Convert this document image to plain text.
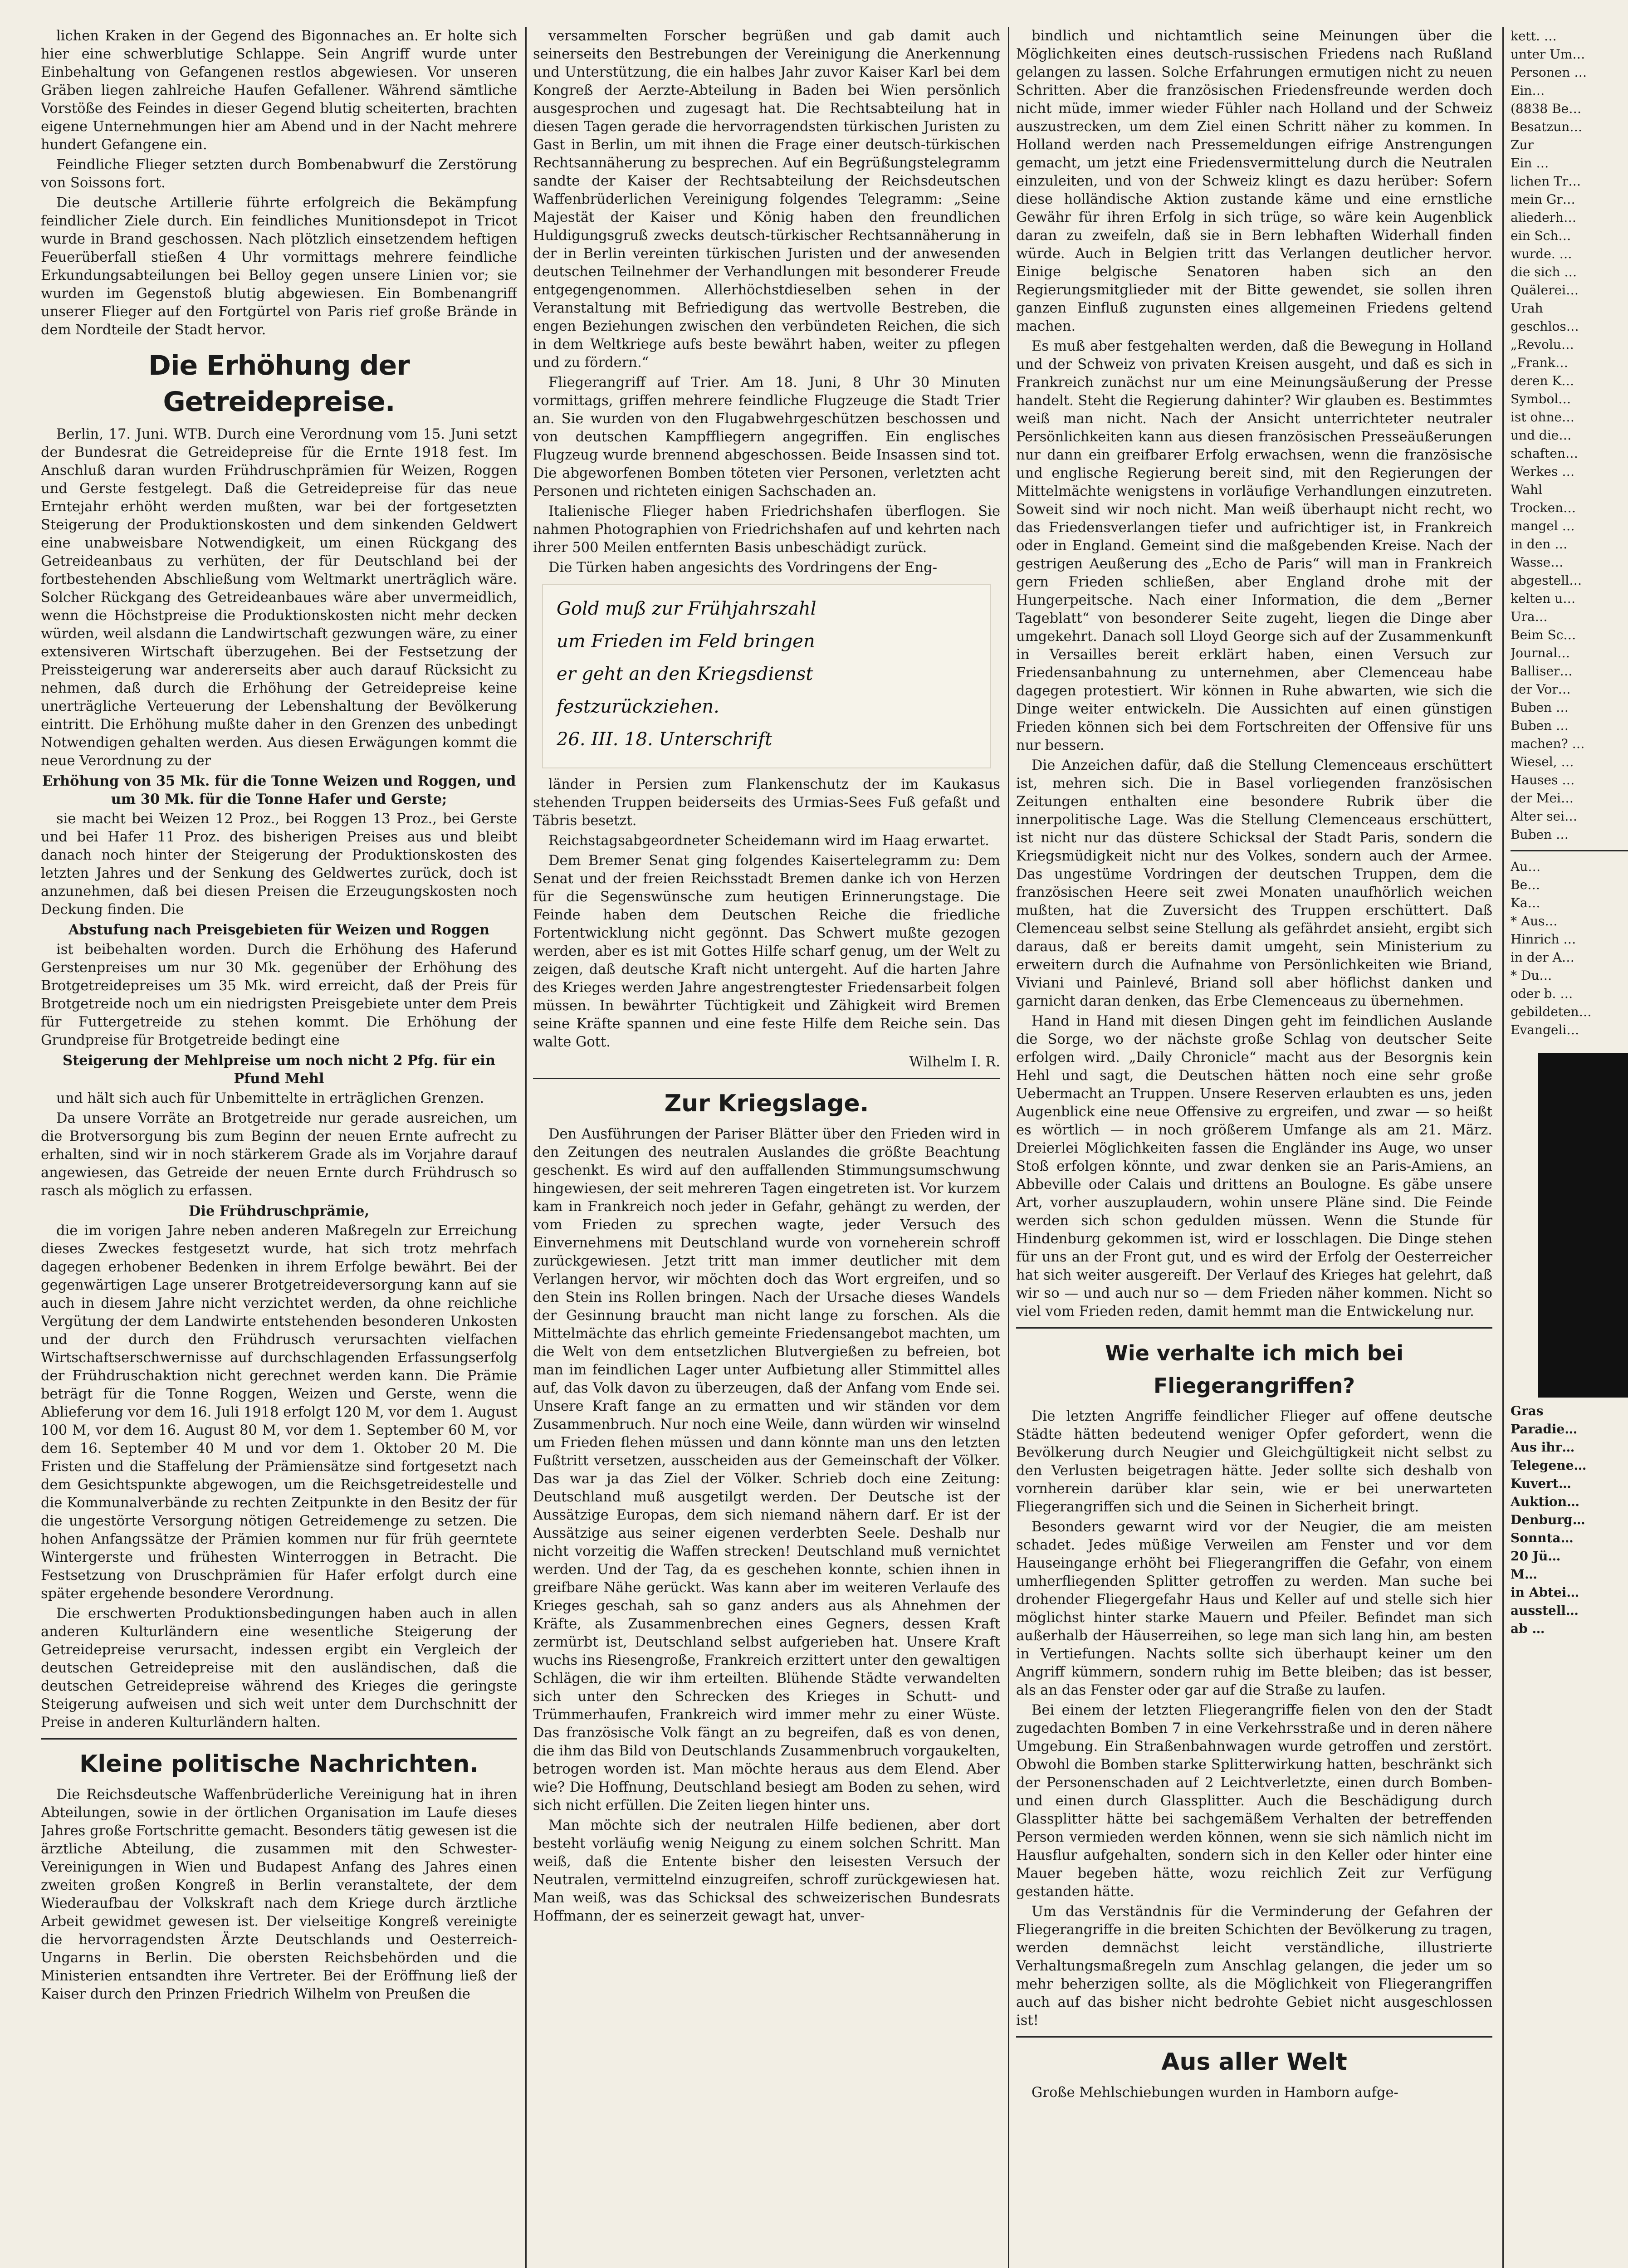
lichen Kraken in der Gegend des Bigonnaches an. Er holte sich hier eine schwerblutige Schlappe. Sein Angriff wurde unter Einbehaltung von Gefangenen restlos abgewiesen. Vor unseren Gräben liegen zahlreiche Haufen Gefallener. Während sämtliche Vorstöße des Feindes in dieser Gegend blutig scheiterten, brachten eigene Unternehmungen hier am Abend und in der Nacht mehrere hundert Gefangene ein.

Feindliche Flieger setzten durch Bombenabwurf die Zerstörung von Soissons fort.

Die deutsche Artillerie führte erfolgreich die Bekämpfung feindlicher Ziele durch. Ein feindliches Munitionsdepot in Tricot wurde in Brand geschossen. Nach plötzlich einsetzendem heftigen Feuerüberfall stießen 4 Uhr vormittags mehrere feindliche Erkundungsabteilungen bei Belloy gegen unsere Linien vor; sie wurden im Gegenstoß blutig abgewiesen. Ein Bombenangriff unserer Flieger auf den Fortgürtel von Paris rief große Brände in dem Nordteile der Stadt hervor.

Die Erhöhung der Getreidepreise.

Berlin, 17. Juni. WTB. Durch eine Verordnung vom 15. Juni setzt der Bundesrat die Getreidepreise für die Ernte 1918 fest. Im Anschluß daran wurden Frühdruschprämien für Weizen, Roggen und Gerste festgelegt. Daß die Getreidepreise für das neue Erntejahr erhöht werden mußten, war bei der fortgesetzten Steigerung der Produktionskosten und dem sinkenden Geldwert eine unabweisbare Notwendigkeit, um einen Rückgang des Getreideanbaus zu verhüten, der für Deutschland bei der fortbestehenden Abschließung vom Weltmarkt unerträglich wäre. Solcher Rückgang des Getreideanbaues wäre aber unvermeidlich, wenn die Höchstpreise die Produktionskosten nicht mehr decken würden, weil alsdann die Landwirtschaft gezwungen wäre, zu einer extensiveren Wirtschaft überzugehen. Bei der Festsetzung der Preissteigerung war andererseits aber auch darauf Rücksicht zu nehmen, daß durch die Erhöhung der Getreidepreise keine unerträgliche Verteuerung der Lebenshaltung der Bevölkerung eintritt. Die Erhöhung mußte daher in den Grenzen des unbedingt Notwendigen gehalten werden. Aus diesen Erwägungen kommt die neue Verordnung zu der

Erhöhung von 35 Mk. für die Tonne Weizen und Roggen, und um 30 Mk. für die Tonne Hafer und Gerste;

sie macht bei Weizen 12 Proz., bei Roggen 13 Proz., bei Gerste und bei Hafer 11 Proz. des bisherigen Preises aus und bleibt danach noch hinter der Steigerung der Produktionskosten des letzten Jahres und der Senkung des Geldwertes zurück, doch ist anzunehmen, daß bei diesen Preisen die Erzeugungskosten noch Deckung finden. Die

Abstufung nach Preisgebieten für Weizen und Roggen

ist beibehalten worden. Durch die Erhöhung des Haferund Gerstenpreises um nur 30 Mk. gegenüber der Erhöhung des Brotgetreidepreises um 35 Mk. wird erreicht, daß der Preis für Brotgetreide noch um ein niedrigsten Preisgebiete unter dem Preis für Futtergetreide zu stehen kommt. Die Erhöhung der Grundpreise für Brotgetreide bedingt eine

Steigerung der Mehlpreise um noch nicht 2 Pfg. für ein Pfund Mehl

und hält sich auch für Unbemittelte in erträglichen Grenzen.

Da unsere Vorräte an Brotgetreide nur gerade ausreichen, um die Brotversorgung bis zum Beginn der neuen Ernte aufrecht zu erhalten, sind wir in noch stärkerem Grade als im Vorjahre darauf angewiesen, das Getreide der neuen Ernte durch Frühdrusch so rasch als möglich zu erfassen.

Die Frühdruschprämie,

die im vorigen Jahre neben anderen Maßregeln zur Erreichung dieses Zweckes festgesetzt wurde, hat sich trotz mehrfach dagegen erhobener Bedenken in ihrem Erfolge bewährt. Bei der gegenwärtigen Lage unserer Brotgetreideversorgung kann auf sie auch in diesem Jahre nicht verzichtet werden, da ohne reichliche Vergütung der dem Landwirte entstehenden besonderen Unkosten und der durch den Frühdrusch verursachten vielfachen Wirtschaftserschwernisse auf durchschlagenden Erfassungserfolg der Frühdruschaktion nicht gerechnet werden kann. Die Prämie beträgt für die Tonne Roggen, Weizen und Gerste, wenn die Ablieferung vor dem 16. Juli 1918 erfolgt 120 M, vor dem 1. August 100 M, vor dem 16. August 80 M, vor dem 1. September 60 M, vor dem 16. September 40 M und vor dem 1. Oktober 20 M. Die Fristen und die Staffelung der Prämiensätze sind fortgesetzt nach dem Gesichtspunkte abgewogen, um die Reichsgetreidestelle und die Kommunalverbände zu rechten Zeitpunkte in den Besitz der für die ungestörte Versorgung nötigen Getreidemenge zu setzen. Die hohen Anfangssätze der Prämien kommen nur für früh geerntete Wintergerste und frühesten Winterroggen in Betracht. Die Festsetzung von Druschprämien für Hafer erfolgt durch eine später ergehende besondere Verordnung.

Die erschwerten Produktionsbedingungen haben auch in allen anderen Kulturländern eine wesentliche Steigerung der Getreidepreise verursacht, indessen ergibt ein Vergleich der deutschen Getreidepreise mit den ausländischen, daß die deutschen Getreidepreise während des Krieges die geringste Steigerung aufweisen und sich weit unter dem Durchschnitt der Preise in anderen Kulturländern halten.

Kleine politische Nachrichten.

Die Reichsdeutsche Waffenbrüderliche Vereinigung hat in ihren Abteilungen, sowie in der örtlichen Organisation im Laufe dieses Jahres große Fortschritte gemacht. Besonders tätig gewesen ist die ärztliche Abteilung, die zusammen mit den Schwester-Vereinigungen in Wien und Budapest Anfang des Jahres einen zweiten großen Kongreß in Berlin veranstaltete, der dem Wiederaufbau der Volkskraft nach dem Kriege durch ärztliche Arbeit gewidmet gewesen ist. Der vielseitige Kongreß vereinigte die hervorragendsten Ärzte Deutschlands und Oesterreich-Ungarns in Berlin. Die obersten Reichsbehörden und die Ministerien entsandten ihre Vertreter. Bei der Eröffnung ließ der Kaiser durch den Prinzen Friedrich Wilhelm von Preußen die

versammelten Forscher begrüßen und gab damit auch seinerseits den Bestrebungen der Vereinigung die Anerkennung und Unterstützung, die ein halbes Jahr zuvor Kaiser Karl bei dem Kongreß der Aerzte-Abteilung in Baden bei Wien persönlich ausgesprochen und zugesagt hat. Die Rechtsabteilung hat in diesen Tagen gerade die hervorragendsten türkischen Juristen zu Gast in Berlin, um mit ihnen die Frage einer deutsch-türkischen Rechtsannäherung zu besprechen. Auf ein Begrüßungstelegramm sandte der Kaiser der Rechtsabteilung der Reichsdeutschen Waffenbrüderlichen Vereinigung folgendes Telegramm: „Seine Majestät der Kaiser und König haben den freundlichen Huldigungsgruß zwecks deutsch-türkischer Rechtsannäherung in der in Berlin vereinten türkischen Juristen und der anwesenden deutschen Teilnehmer der Verhandlungen mit besonderer Freude entgegengenommen. Allerhöchstdieselben sehen in der Veranstaltung mit Befriedigung das wertvolle Bestreben, die engen Beziehungen zwischen den verbündeten Reichen, die sich in dem Weltkriege aufs beste bewährt haben, weiter zu pflegen und zu fördern.“

Fliegerangriff auf Trier. Am 18. Juni, 8 Uhr 30 Minuten vormittags, griffen mehrere feindliche Flugzeuge die Stadt Trier an. Sie wurden von den Flugabwehrgeschützen beschossen und von deutschen Kampffliegern angegriffen. Ein englisches Flugzeug wurde brennend abgeschossen. Beide Insassen sind tot. Die abgeworfenen Bomben töteten vier Personen, verletzten acht Personen und richteten einigen Sachschaden an.

Italienische Flieger haben Friedrichshafen überflogen. Sie nahmen Photographien von Friedrichshafen auf und kehrten nach ihrer 500 Meilen entfernten Basis unbeschädigt zurück.

Die Türken haben angesichts des Vordringens der Eng-

Gold muß zur Frühjahrszahl
um Frieden im Feld bringen
er geht an den Kriegsdienst
festzurückziehen.
26. III. 18. Unterschrift

länder in Persien zum Flankenschutz der im Kaukasus stehenden Truppen beiderseits des Urmias-Sees Fuß gefaßt und Täbris besetzt.

Reichstagsabgeordneter Scheidemann wird im Haag erwartet.

Dem Bremer Senat ging folgendes Kaisertelegramm zu: Dem Senat und der freien Reichsstadt Bremen danke ich von Herzen für die Segenswünsche zum heutigen Erinnerungstage. Die Feinde haben dem Deutschen Reiche die friedliche Fortentwicklung nicht gegönnt. Das Schwert mußte gezogen werden, aber es ist mit Gottes Hilfe scharf genug, um der Welt zu zeigen, daß deutsche Kraft nicht untergeht. Auf die harten Jahre des Krieges werden Jahre angestrengtester Friedensarbeit folgen müssen. In bewährter Tüchtigkeit und Zähigkeit wird Bremen seine Kräfte spannen und eine feste Hilfe dem Reiche sein. Das walte Gott.

Wilhelm I. R.

Zur Kriegslage.

Den Ausführungen der Pariser Blätter über den Frieden wird in den Zeitungen des neutralen Auslandes die größte Beachtung geschenkt. Es wird auf den auffallenden Stimmungsumschwung hingewiesen, der seit mehreren Tagen eingetreten ist. Vor kurzem kam in Frankreich noch jeder in Gefahr, gehängt zu werden, der vom Frieden zu sprechen wagte, jeder Versuch des Einvernehmens mit Deutschland wurde von vorneherein schroff zurückgewiesen. Jetzt tritt man immer deutlicher mit dem Verlangen hervor, wir möchten doch das Wort ergreifen, und so den Stein ins Rollen bringen. Nach der Ursache dieses Wandels der Gesinnung braucht man nicht lange zu forschen. Als die Mittelmächte das ehrlich gemeinte Friedensangebot machten, um die Welt von dem entsetzlichen Blutvergießen zu befreien, bot man im feindlichen Lager unter Aufbietung aller Stimmittel alles auf, das Volk davon zu überzeugen, daß der Anfang vom Ende sei. Unsere Kraft fange an zu ermatten und wir ständen vor dem Zusammenbruch. Nur noch eine Weile, dann würden wir winselnd um Frieden flehen müssen und dann könnte man uns den letzten Fußtritt versetzen, ausscheiden aus der Gemeinschaft der Völker. Das war ja das Ziel der Völker. Schrieb doch eine Zeitung: Deutschland muß ausgetilgt werden. Der Deutsche ist der Aussätzige Europas, dem sich niemand nähern darf. Er ist der Aussätzige aus seiner eigenen verderbten Seele. Deshalb nur nicht vorzeitig die Waffen strecken! Deutschland muß vernichtet werden. Und der Tag, da es geschehen konnte, schien ihnen in greifbare Nähe gerückt. Was kann aber im weiteren Verlaufe des Krieges geschah, sah so ganz anders aus als Ahnehmen der Kräfte, als Zusammenbrechen eines Gegners, dessen Kraft zermürbt ist, Deutschland selbst aufgerieben hat. Unsere Kraft wuchs ins Riesengroße, Frankreich erzittert unter den gewaltigen Schlägen, die wir ihm erteilten. Blühende Städte verwandelten sich unter den Schrecken des Krieges in Schutt- und Trümmerhaufen, Frankreich wird immer mehr zu einer Wüste. Das französische Volk fängt an zu begreifen, daß es von denen, die ihm das Bild von Deutschlands Zusammenbruch vorgaukelten, betrogen worden ist. Man möchte heraus aus dem Elend. Aber wie? Die Hoffnung, Deutschland besiegt am Boden zu sehen, wird sich nicht erfüllen. Die Zeiten liegen hinter uns.

Man möchte sich der neutralen Hilfe bedienen, aber dort besteht vorläufig wenig Neigung zu einem solchen Schritt. Man weiß, daß die Entente bisher den leisesten Versuch der Neutralen, vermittelnd einzugreifen, schroff zurückgewiesen hat. Man weiß, was das Schicksal des schweizerischen Bundesrats Hoffmann, der es seinerzeit gewagt hat, unver-

bindlich und nichtamtlich seine Meinungen über die Möglichkeiten eines deutsch-russischen Friedens nach Rußland gelangen zu lassen. Solche Erfahrungen ermutigen nicht zu neuen Schritten. Aber die französischen Friedensfreunde werden doch nicht müde, immer wieder Fühler nach Holland und der Schweiz auszustrecken, um dem Ziel einen Schritt näher zu kommen. In Holland werden nach Pressemeldungen eifrige Anstrengungen gemacht, um jetzt eine Friedensvermittelung durch die Neutralen einzuleiten, und von der Schweiz klingt es dazu herüber: Sofern diese holländische Aktion zustande käme und eine ernstliche Gewähr für ihren Erfolg in sich trüge, so wäre kein Augenblick daran zu zweifeln, daß sie in Bern lebhaften Widerhall finden würde. Auch in Belgien tritt das Verlangen deutlicher hervor. Einige belgische Senatoren haben sich an den Regierungsmitglieder mit der Bitte gewendet, sie sollen ihren ganzen Einfluß zugunsten eines allgemeinen Friedens geltend machen.

Es muß aber festgehalten werden, daß die Bewegung in Holland und der Schweiz von privaten Kreisen ausgeht, und daß es sich in Frankreich zunächst nur um eine Meinungsäußerung der Presse handelt. Steht die Regierung dahinter? Wir glauben es. Bestimmtes weiß man nicht. Nach der Ansicht unterrichteter neutraler Persönlichkeiten kann aus diesen französischen Presseäußerungen nur dann ein greifbarer Erfolg erwachsen, wenn die französische und englische Regierung bereit sind, mit den Regierungen der Mittelmächte wenigstens in vorläufige Verhandlungen einzutreten. Soweit sind wir noch nicht. Man weiß überhaupt nicht recht, wo das Friedensverlangen tiefer und aufrichtiger ist, in Frankreich oder in England. Gemeint sind die maßgebenden Kreise. Nach der gestrigen Aeußerung des „Echo de Paris“ will man in Frankreich gern Frieden schließen, aber England drohe mit der Hungerpeitsche. Nach einer Information, die dem „Berner Tageblatt“ von besonderer Seite zugeht, liegen die Dinge aber umgekehrt. Danach soll Lloyd George sich auf der Zusammenkunft in Versailles bereit erklärt haben, einen Versuch zur Friedensanbahnung zu unternehmen, aber Clemenceau habe dagegen protestiert. Wir können in Ruhe abwarten, wie sich die Dinge weiter entwickeln. Die Aussichten auf einen günstigen Frieden können sich bei dem Fortschreiten der Offensive für uns nur bessern.

Die Anzeichen dafür, daß die Stellung Clemenceaus erschüttert ist, mehren sich. Die in Basel vorliegenden französischen Zeitungen enthalten eine besondere Rubrik über die innerpolitische Lage. Was die Stellung Clemenceaus erschüttert, ist nicht nur das düstere Schicksal der Stadt Paris, sondern die Kriegsmüdigkeit nicht nur des Volkes, sondern auch der Armee. Das ungestüme Vordringen der deutschen Truppen, dem die französischen Heere seit zwei Monaten unaufhörlich weichen mußten, hat die Zuversicht des Truppen erschüttert. Daß Clemenceau selbst seine Stellung als gefährdet ansieht, ergibt sich daraus, daß er bereits damit umgeht, sein Ministerium zu erweitern durch die Aufnahme von Persönlichkeiten wie Briand, Viviani und Painlevé, Briand soll aber höflichst danken und garnicht daran denken, das Erbe Clemenceaus zu übernehmen.

Hand in Hand mit diesen Dingen geht im feindlichen Auslande die Sorge, wo der nächste große Schlag von deutscher Seite erfolgen wird. „Daily Chronicle“ macht aus der Besorgnis kein Hehl und sagt, die Deutschen hätten noch eine sehr große Uebermacht an Truppen. Unsere Reserven erlaubten es uns, jeden Augenblick eine neue Offensive zu ergreifen, und zwar — so heißt es wörtlich — in noch größerem Umfange als am 21. März. Dreierlei Möglichkeiten fassen die Engländer ins Auge, wo unser Stoß erfolgen könnte, und zwar denken sie an Paris-Amiens, an Abbeville oder Calais und drittens an Boulogne. Es gäbe unsere Art, vorher auszuplaudern, wohin unsere Pläne sind. Die Feinde werden sich schon gedulden müssen. Wenn die Stunde für Hindenburg gekommen ist, wird er losschlagen. Die Dinge stehen für uns an der Front gut, und es wird der Erfolg der Oesterreicher hat sich weiter ausgereift. Der Verlauf des Krieges hat gelehrt, daß wir so — und auch nur so — dem Frieden näher kommen. Nicht so viel vom Frieden reden, damit hemmt man die Entwickelung nur.

Wie verhalte ich mich bei Fliegerangriffen?

Die letzten Angriffe feindlicher Flieger auf offene deutsche Städte hätten bedeutend weniger Opfer gefordert, wenn die Bevölkerung durch Neugier und Gleichgültigkeit nicht selbst zu den Verlusten beigetragen hätte. Jeder sollte sich deshalb von vornherein darüber klar sein, wie er bei unerwarteten Fliegerangriffen sich und die Seinen in Sicherheit bringt.

Besonders gewarnt wird vor der Neugier, die am meisten schadet. Jedes müßige Verweilen am Fenster und vor dem Hauseingange erhöht bei Fliegerangriffen die Gefahr, von einem umherfliegenden Splitter getroffen zu werden. Man suche bei drohender Fliegergefahr Haus und Keller auf und stelle sich hier möglichst hinter starke Mauern und Pfeiler. Befindet man sich außerhalb der Häuserreihen, so lege man sich lang hin, am besten in Vertiefungen. Nachts sollte sich überhaupt keiner um den Angriff kümmern, sondern ruhig im Bette bleiben; das ist besser, als an das Fenster oder gar auf die Straße zu laufen.

Bei einem der letzten Fliegerangriffe fielen von den der Stadt zugedachten Bomben 7 in eine Verkehrsstraße und in deren nähere Umgebung. Ein Straßenbahnwagen wurde getroffen und zerstört. Obwohl die Bomben starke Splitterwirkung hatten, beschränkt sich der Personenschaden auf 2 Leichtverletzte, einen durch Bomben- und einen durch Glassplitter. Auch die Beschädigung durch Glassplitter hätte bei sachgemäßem Verhalten der betreffenden Person vermieden werden können, wenn sie sich nämlich nicht im Hausflur aufgehalten, sondern sich in den Keller oder hinter eine Mauer begeben hätte, wozu reichlich Zeit zur Verfügung gestanden hätte.

Um das Verständnis für die Verminderung der Gefahren der Fliegerangriffe in die breiten Schichten der Bevölkerung zu tragen, werden demnächst leicht verständliche, illustrierte Verhaltungsmaßregeln zum Anschlag gelangen, die jeder um so mehr beherzigen sollte, als die Möglichkeit von Fliegerangriffen auch auf das bisher nicht bedrohte Gebiet nicht ausgeschlossen ist!

Aus aller Welt

Große Mehlschiebungen wurden in Hamborn aufge-

kett. …
unter Um…
Personen …
Ein…
(8838 Be…
Besatzun…
Zur
Ein …
lichen Tr…
mein Gr…
aliederh…
ein Sch…
wurde. …
die sich …
Quälerei…
Urah
geschlos…
„Revolu…
„Frank…
deren K…
Symbol…
ist ohne…
und die…
schaften…
Werkes …
Wahl
Trocken…
mangel …
in den …
Wasse…
abgestell…
kelten u…
Ura…
Beim Sc…
Journal…
Balliser…
der Vor…
Buben …
Buben …
machen? …
Wiesel, …
Hauses …
der Mei…
Alter sei…
Buben …
Au…
Be…
Ka…
* Aus…
Hinrich …
in der A…
* Du…
oder b. …
gebildeten…
Evangeli…
Gras
Paradie…
Aus ihr…
Telegene…
Kuvert…
Auktion…
Denburg…
Sonnta…
20 Jü…
M…
in Abtei…
ausstell…
ab …
